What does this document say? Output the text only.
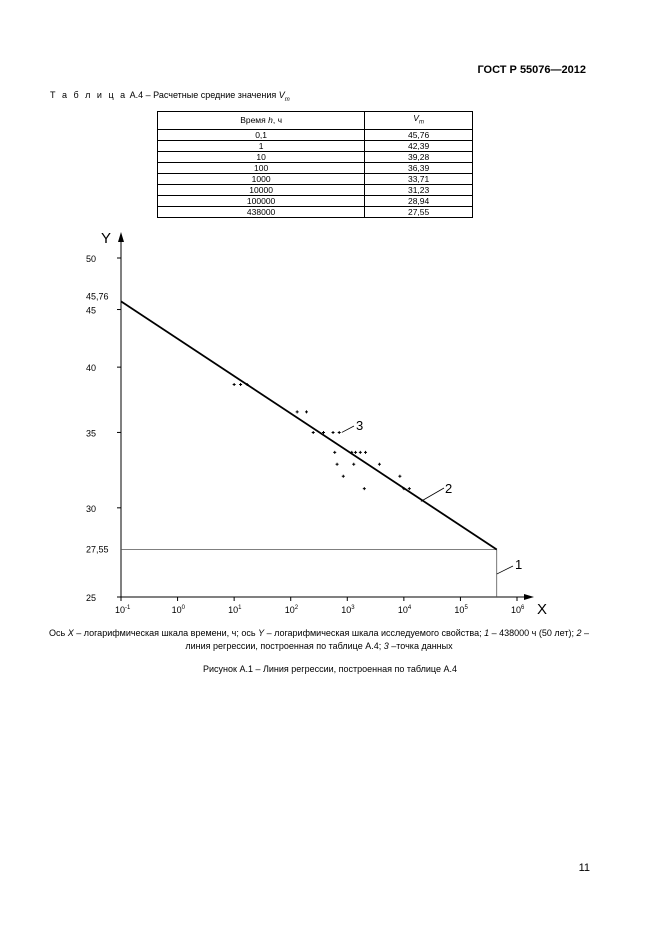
ГОСТ Р 55076—2012
Т а б л и ц а А.4 – Расчетные средние значения $V_m$
Время h, ч	$V_m$
0,1	45,76
1	42,39
10	39,28
100	36,39
1000	33,71
10000	31,23
100000	28,94
438000	27,55
Y
X
50
45
40
35
30
25
45,76
27,55
$10^{-1}$	$10^0$	$10^1$	$10^2$	$10^3$	$10^4$	$10^5$	$10^6$
1
2
3
Ось X – логарифмическая шкала времени, ч; ось Y – логарифмическая шкала исследуемого свойства; 1 – 438000 ч (50 лет); 2 – линия регрессии, построенная по таблице А.4; 3 –точка данных
Рисунок А.1 – Линия регрессии, построенная по таблице А.4
11
